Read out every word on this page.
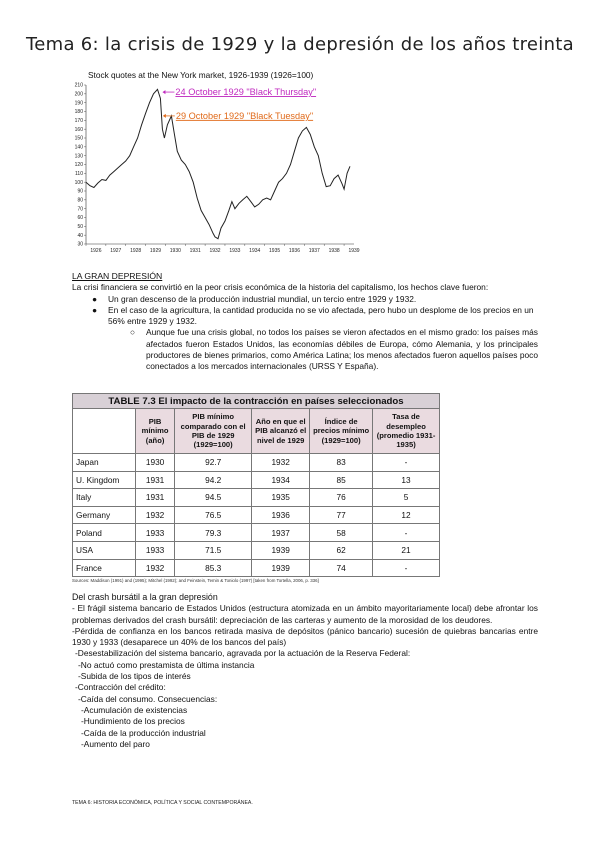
Tema 6: la crisis de 1929 y la depresión de los años treinta
Stock quotes at the New York market, 1926-1939 (1926=100)
30
40
50
60
70
80
90
100
110
120
130
140
150
160
170
180
190
200
210
1926 1927 1928 1929 1930 1931 1932 1933 1934 1935 1936 1937 1938 1939
24 October 1929 "Black Thursday"
29 October 1929 "Black Tuesday"
LA GRAN DEPRESIÓN

La crisi financiera se convirtió en la peor crisis económica de la historia del capitalismo, los hechos clave fueron:

● Un gran descenso de la producción industrial mundial, un tercio entre 1929 y 1932.
● En el caso de la agricultura, la cantidad producida no se vio afectada, pero hubo un desplome de los precios en un 56% entre 1929 y 1932.
○ Aunque fue una crisis global, no todos los países se vieron afectados en el mismo grado: los países más afectados fueron Estados Unidos, las economías débiles de Europa, cómo Alemania, y los principales productores de bienes primarios, como América Latina; los menos afectados fueron aquellos países poco conectados a los mercados internacionales (URSS Y España).
TABLE 7.3 El impacto de la contracción en países seleccionados					
	PIB mínimo (año)	PIB mínimo comparado con el PIB de 1929 (1929=100)	Año en que el PIB alcanzó el nivel de 1929	Índice de precios mínimo (1929=100)	Tasa de desempleo (promedio 1931-1935)
Japan	1930	92.7	1932	83	-
U. Kingdom	1931	94.2	1934	85	13
Italy	1931	94.5	1935	76	5
Germany	1932	76.5	1936	77	12
Poland	1933	79.3	1937	58	-
USA	1933	71.5	1939	62	21
France	1932	85.3	1939	74	-
Sources: Maddison (1991) and (1995); Mitchel (1992); and Feinstein, Temin & Toniolo (1997) [taken from Tortella, 2006, p. 336]
Del crash bursátil a la gran depresión

- El frágil sistema bancario de Estados Unidos (estructura atomizada en un ámbito mayoritariamente local) debe afrontar los problemas derivados del crash bursátil: depreciación de las carteras y aumento de la morosidad de los deudores.

-Pérdida de confianza en los bancos retirada masiva de depósitos (pánico bancario) sucesión de quiebras bancarias entre 1930 y 1933 (desaparece un 40% de los bancos del país)

-Desestabilización del sistema bancario, agravada por la actuación de la Reserva Federal:

-No actuó como prestamista de última instancia

-Subida de los tipos de interés

-Contracción del crédito:

-Caída del consumo. Consecuencias:

-Acumulación de existencias

-Hundimiento de los precios

-Caída de la producción industrial

-Aumento del paro

TEMA 6: HISTORIA ECONÓMICA, POLÍTICA Y SOCIAL CONTEMPORÁNEA.
